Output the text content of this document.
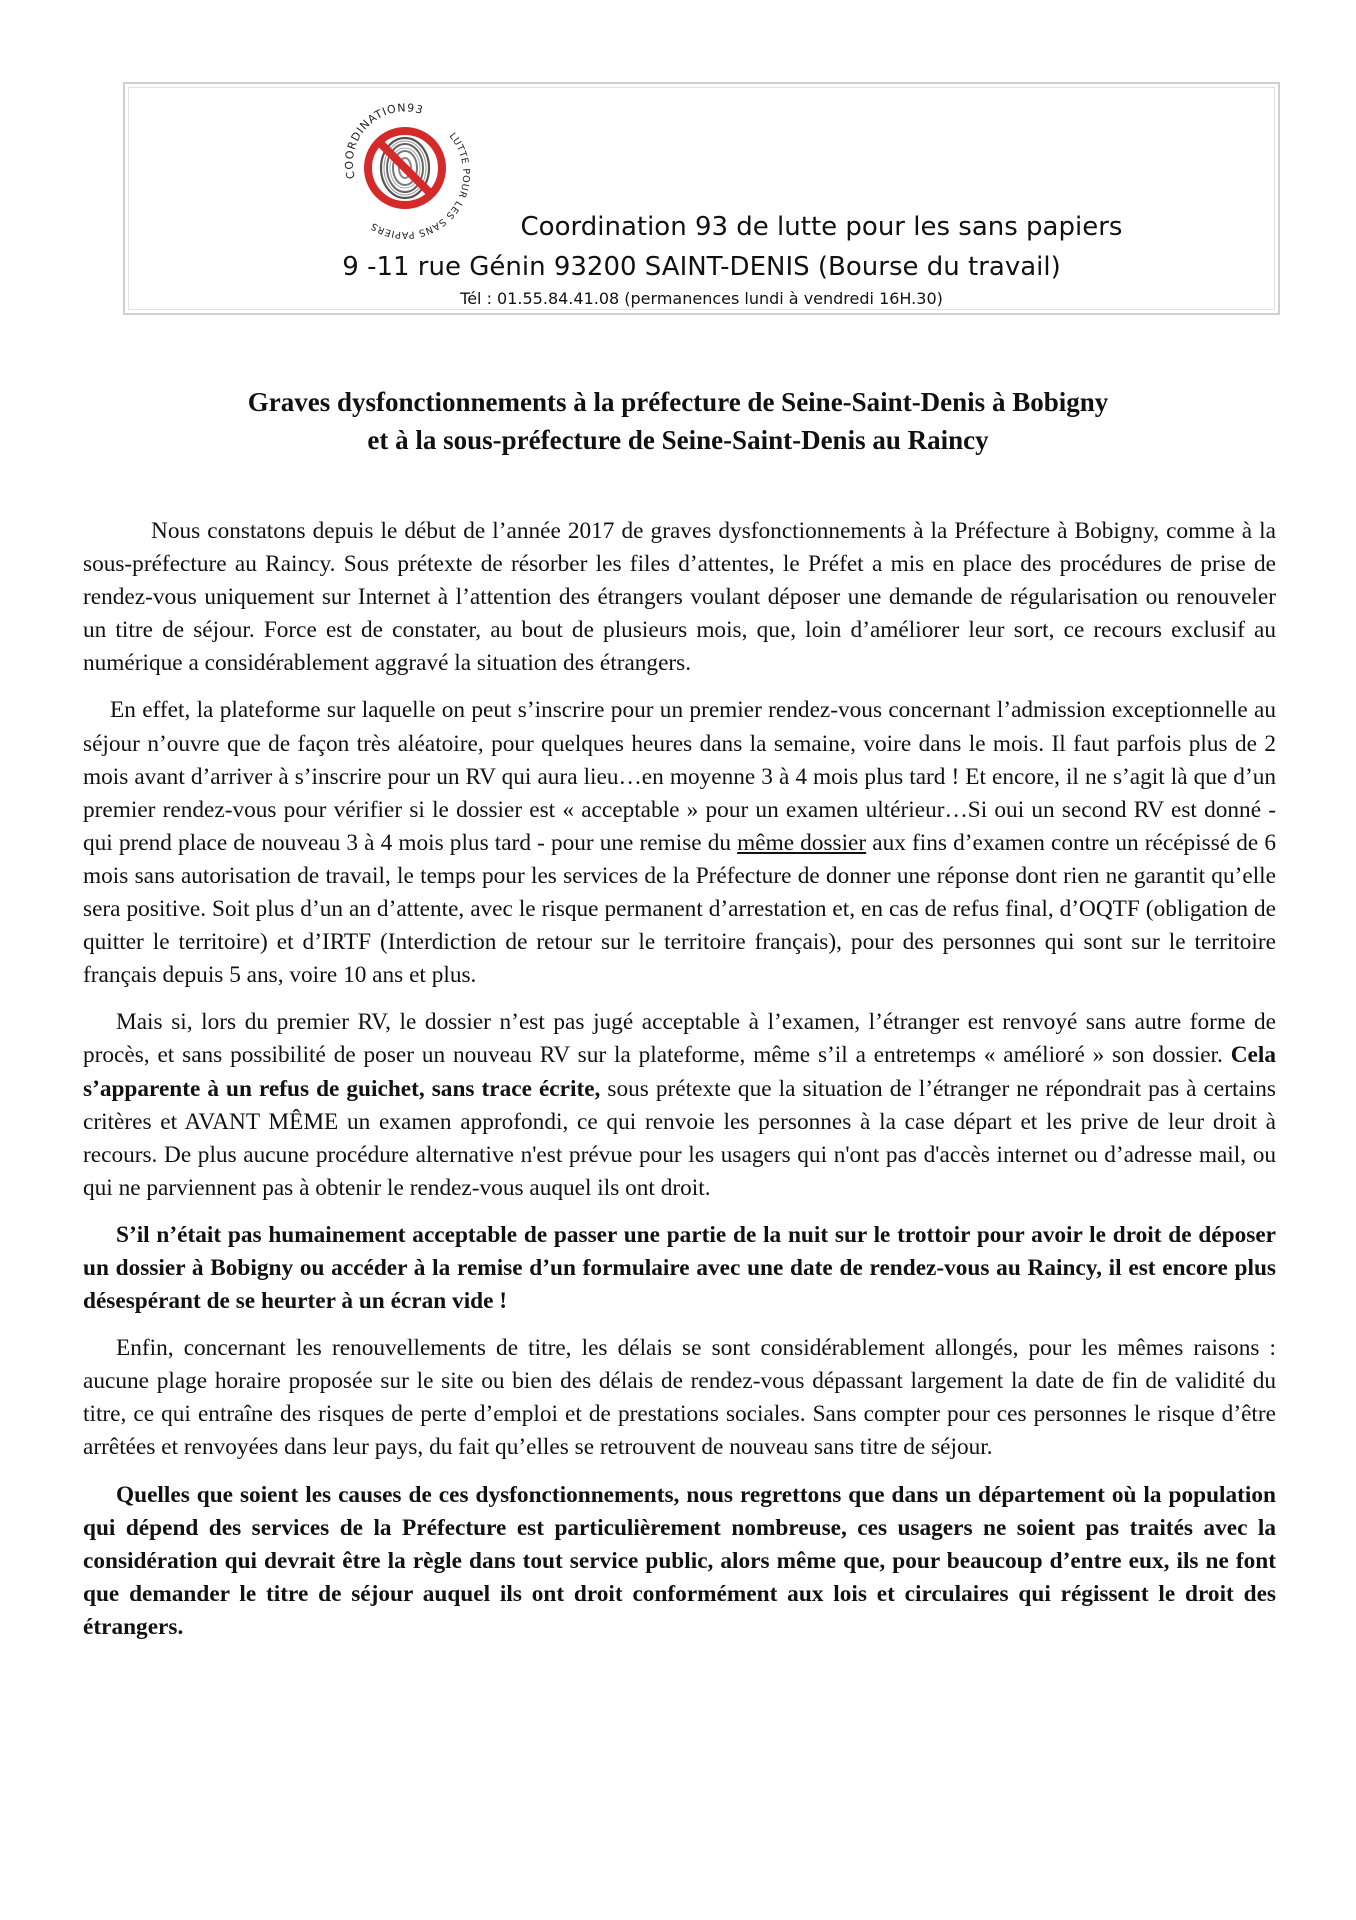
COORDINATION93
LUTTE POUR LES SANS PAPIERS	Coordination 93 de lutte pour les sans papiers
9 -11 rue Génin 93200 SAINT-DENIS (Bourse du travail)
Tél : 01.55.84.41.08 (permanences lundi à vendredi 16H.30)
Graves dysfonctionnements à la préfecture de Seine-Saint-Denis à Bobigny
et à la sous-préfecture de Seine-Saint-Denis au Raincy

Nous constatons depuis le début de l’année 2017 de graves dysfonctionnements à la Préfecture à Bobigny, comme à la sous-préfecture au Raincy. Sous prétexte de résorber les files d’attentes, le Préfet a mis en place des procédures de prise de rendez-vous uniquement sur Internet à l’attention des étrangers voulant déposer une demande de régularisation ou renouveler un titre de séjour. Force est de constater, au bout de plusieurs mois, que, loin d’améliorer leur sort, ce recours exclusif au numérique a considérablement aggravé la situation des étrangers.

En effet, la plateforme sur laquelle on peut s’inscrire pour un premier rendez-vous concernant l’admission exceptionnelle au séjour n’ouvre que de façon très aléatoire, pour quelques heures dans la semaine, voire dans le mois. Il faut parfois plus de 2 mois avant d’arriver à s’inscrire pour un RV qui aura lieu…en moyenne 3 à 4 mois plus tard ! Et encore, il ne s’agit là que d’un premier rendez-vous pour vérifier si le dossier est « acceptable » pour un examen ultérieur…Si oui un second RV est donné - qui prend place de nouveau 3 à 4 mois plus tard - pour une remise du même dossier aux fins d’examen contre un récépissé de 6 mois sans autorisation de travail, le temps pour les services de la Préfecture de donner une réponse dont rien ne garantit qu’elle sera positive. Soit plus d’un an d’attente, avec le risque permanent d’arrestation et, en cas de refus final, d’OQTF (obligation de quitter le territoire) et d’IRTF (Interdiction de retour sur le territoire français), pour des personnes qui sont sur le territoire français depuis 5 ans, voire 10 ans et plus.

Mais si, lors du premier RV, le dossier n’est pas jugé acceptable à l’examen, l’étranger est renvoyé sans autre forme de procès, et sans possibilité de poser un nouveau RV sur la plateforme, même s’il a entretemps « amélioré » son dossier. Cela s’apparente à un refus de guichet, sans trace écrite, sous prétexte que la situation de l’étranger ne répondrait pas à certains critères et AVANT MÊME un examen approfondi, ce qui renvoie les personnes à la case départ et les prive de leur droit à recours. De plus aucune procédure alternative n'est prévue pour les usagers qui n'ont pas d'accès internet ou d’adresse mail, ou qui ne parviennent pas à obtenir le rendez-vous auquel ils ont droit.

S’il n’était pas humainement acceptable de passer une partie de la nuit sur le trottoir pour avoir le droit de déposer un dossier à Bobigny ou accéder à la remise d’un formulaire avec une date de rendez-vous au Raincy, il est encore plus désespérant de se heurter à un écran vide !

Enfin, concernant les renouvellements de titre, les délais se sont considérablement allongés, pour les mêmes raisons : aucune plage horaire proposée sur le site ou bien des délais de rendez-vous dépassant largement la date de fin de validité du titre, ce qui entraîne des risques de perte d’emploi et de prestations sociales. Sans compter pour ces personnes le risque d’être arrêtées et renvoyées dans leur pays, du fait qu’elles se retrouvent de nouveau sans titre de séjour.

Quelles que soient les causes de ces dysfonctionnements, nous regrettons que dans un département où la population qui dépend des services de la Préfecture est particulièrement nombreuse, ces usagers ne soient pas traités avec la considération qui devrait être la règle dans tout service public, alors même que, pour beaucoup d’entre eux, ils ne font que demander le titre de séjour auquel ils ont droit conformément aux lois et circulaires qui régissent le droit des étrangers.
